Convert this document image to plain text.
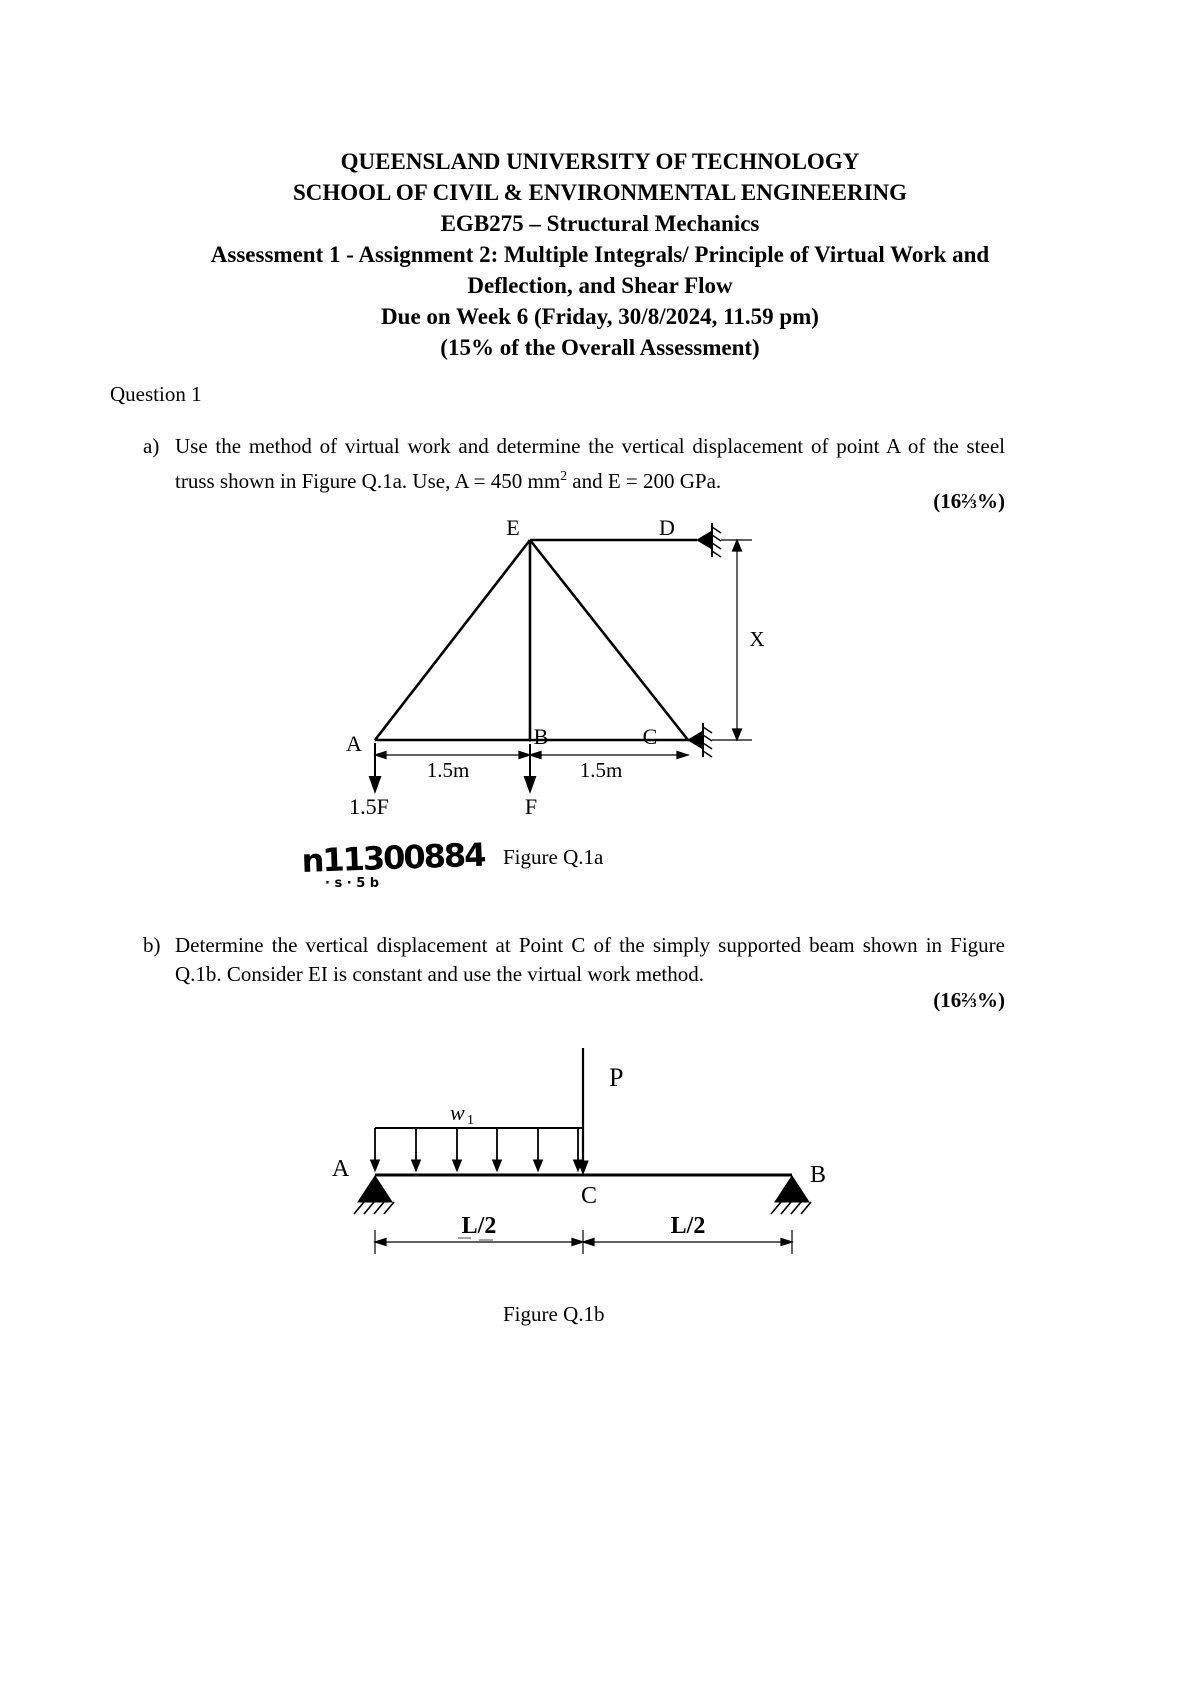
QUEENSLAND UNIVERSITY OF TECHNOLOGY
SCHOOL OF CIVIL & ENVIRONMENTAL ENGINEERING
EGB275 – Structural Mechanics
Assessment 1 - Assignment 2: Multiple Integrals/ Principle of Virtual Work and
Deflection, and Shear Flow
Due on Week 6 (Friday, 30/8/2024, 11.59 pm)
(15% of the Overall Assessment)
Question 1
a) Use the method of virtual work and determine the vertical displacement of point A of the steel truss shown in Figure Q.1a. Use, A = 450 $mm^2$ and E = 200 GPa.
(16⅔%)
X
1.5m	1.5m
1.5F	F
E	D
A	B	C
n11300884
· s · 5 b
Figure Q.1a
b) Determine the vertical displacement at Point C of the simply supported beam shown in Figure Q.1b. Consider EI is constant and use the virtual work method.
(16⅔%)
P
w 1
A	B
C
L/2	L/2
Figure Q.1b
